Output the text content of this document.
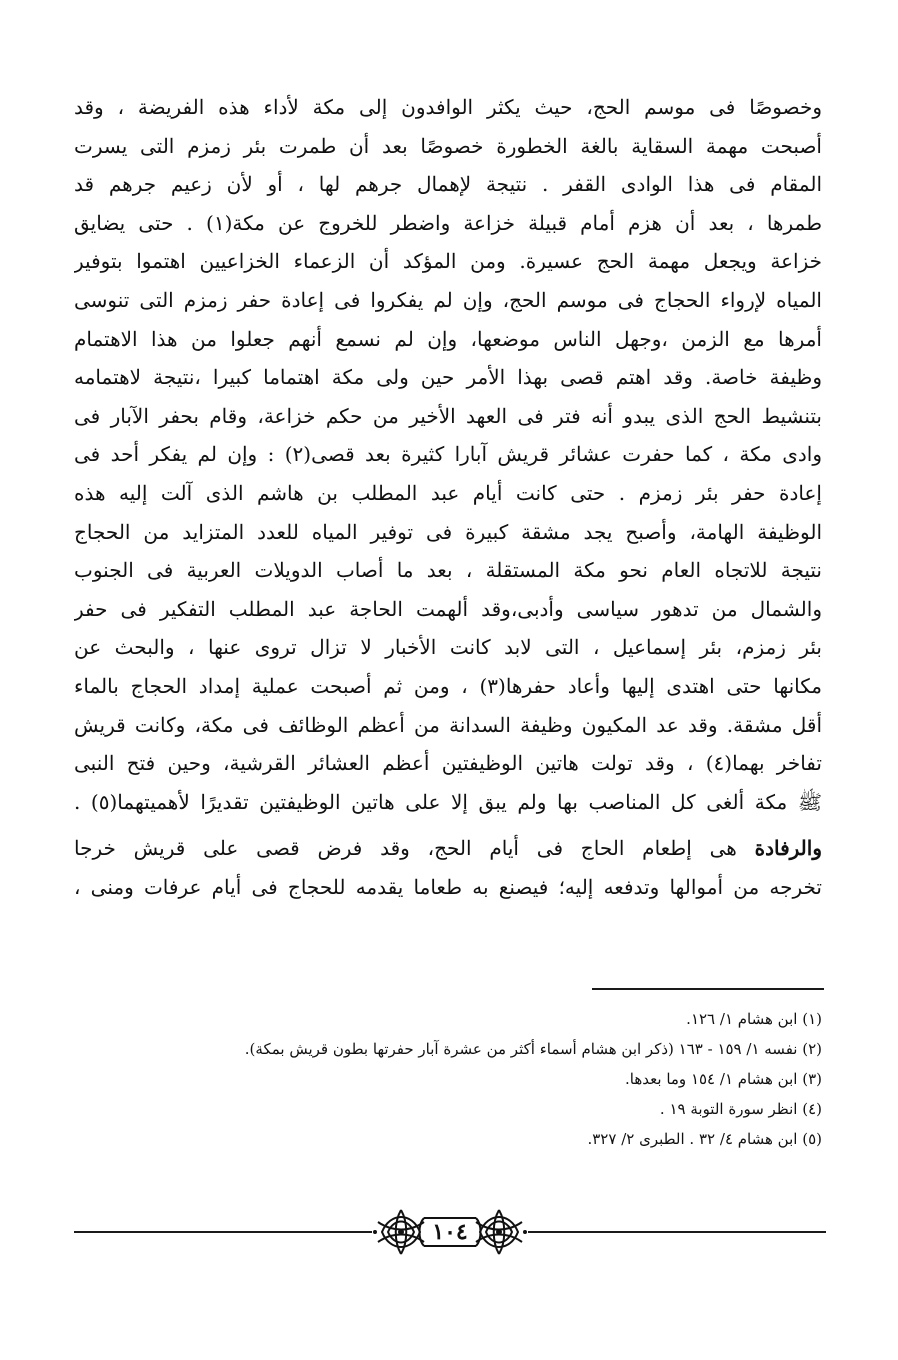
وخصوصًا فى موسم الحج، حيث يكثر الوافدون إلى مكة لأداء هذه الفريضة ، وقد
أصبحت مهمة السقاية بالغة الخطورة خصوصًا بعد أن طمرت بئر زمزم التى يسرت
المقام فى هذا الوادى القفر . نتيجة لإهمال جرهم لها ، أو لأن زعيم جرهم قد
طمرها ، بعد أن هزم أمام قبيلة خزاعة واضطر للخروج عن مكة(١) . حتى يضايق
خزاعة ويجعل مهمة الحج عسيرة. ومن المؤكد أن الزعماء الخزاعيين اهتموا بتوفير
المياه لإرواء الحجاج فى موسم الحج، وإن لم يفكروا فى إعادة حفر زمزم التى تنوسى
أمرها مع الزمن ،وجهل الناس موضعها، وإن لم نسمع أنهم جعلوا من هذا الاهتمام
وظيفة خاصة. وقد اهتم قصى بهذا الأمر حين ولى مكة اهتماما كبيرا ،نتيجة لاهتمامه
بتنشيط الحج الذى يبدو أنه فتر فى العهد الأخير من حكم خزاعة، وقام بحفر الآبار فى
وادى مكة ، كما حفرت عشائر قريش آبارا كثيرة بعد قصى(٢) : وإن لم يفكر أحد فى
إعادة حفر بئر زمزم . حتى كانت أيام عبد المطلب بن هاشم الذى آلت إليه هذه
الوظيفة الهامة، وأصبح يجد مشقة كبيرة فى توفير المياه للعدد المتزايد من الحجاج
نتيجة للاتجاه العام نحو مكة المستقلة ، بعد ما أصاب الدويلات العربية فى الجنوب
والشمال من تدهور سياسى وأدبى،وقد ألهمت الحاجة عبد المطلب التفكير فى حفر
بئر زمزم، بئر إسماعيل ، التى لابد كانت الأخبار لا تزال تروى عنها ، والبحث عن
مكانها حتى اهتدى إليها وأعاد حفرها(٣) ، ومن ثم أصبحت عملية إمداد الحجاج بالماء
أقل مشقة. وقد عد المكيون وظيفة السدانة من أعظم الوظائف فى مكة، وكانت قريش
تفاخر بهما(٤) ، وقد تولت هاتين الوظيفتين أعظم العشائر القرشية، وحين فتح النبى
ﷺ مكة ألغى كل المناصب بها ولم يبق إلا على هاتين الوظيفتين تقديرًا لأهميتهما(٥) .
والرفادة هى إطعام الحاج فى أيام الحج، وقد فرض قصى على قريش خرجا
تخرجه من أموالها وتدفعه إليه؛ فيصنع به طعاما يقدمه للحجاج فى أيام عرفات ومنى ،
(١) ابن هشام ١/ ١٢٦.
(٢) نفسه ١/ ١٥٩ - ١٦٣ (ذكر ابن هشام أسماء أكثر من عشرة آبار حفرتها بطون قريش بمكة).
(٣) ابن هشام ١/ ١٥٤ وما بعدها.
(٤) انظر سورة التوبة ١٩ .
(٥) ابن هشام ٤/ ٣٢ . الطبرى ٢/ ٣٢٧.
١٠٤
